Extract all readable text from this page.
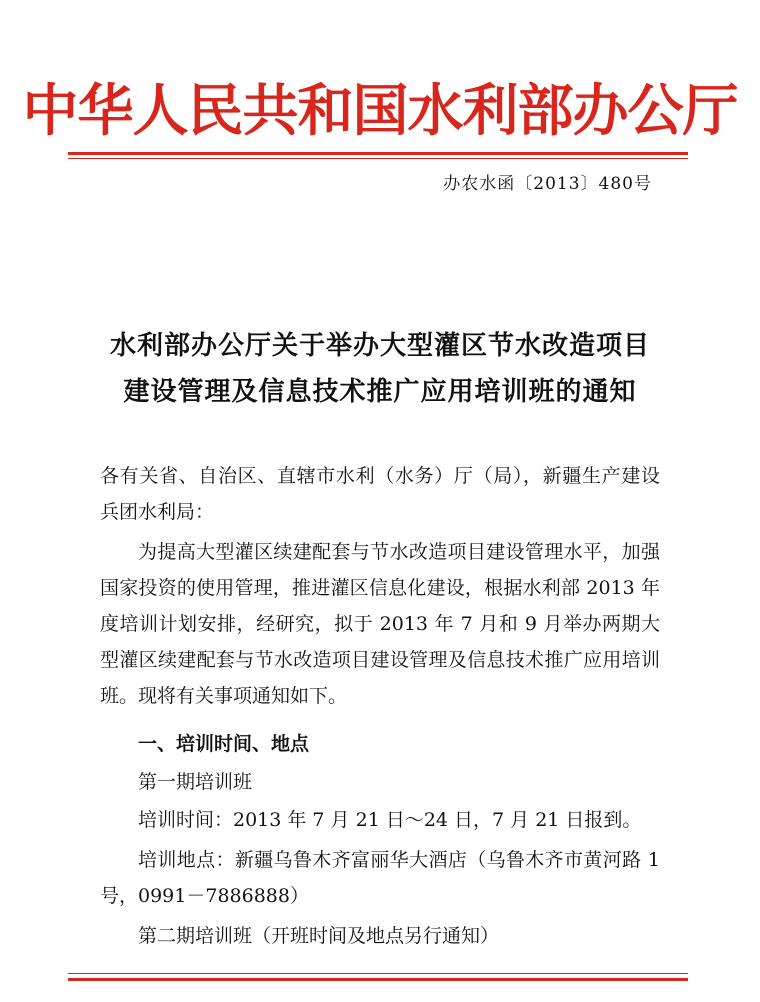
中华人民共和国水利部办公厅
办农水函〔2013〕480号
水利部办公厅关于举办大型灌区节水改造项目
建设管理及信息技术推广应用培训班的通知
各有关省、自治区、直辖市水利（水务）厅（局），新疆生产建设兵团水利局：
为提高大型灌区续建配套与节水改造项目建设管理水平，加强国家投资的使用管理，推进灌区信息化建设，根据水利部 2013 年度培训计划安排，经研究，拟于 2013 年 7 月和 9 月举办两期大型灌区续建配套与节水改造项目建设管理及信息技术推广应用培训班。现将有关事项通知如下。
一、培训时间、地点
第一期培训班
培训时间：2013 年 7 月 21 日～24 日，7 月 21 日报到。
培训地点：新疆乌鲁木齐富丽华大酒店（乌鲁木齐市黄河路 1 号，0991－7886888）
第二期培训班（开班时间及地点另行通知）
